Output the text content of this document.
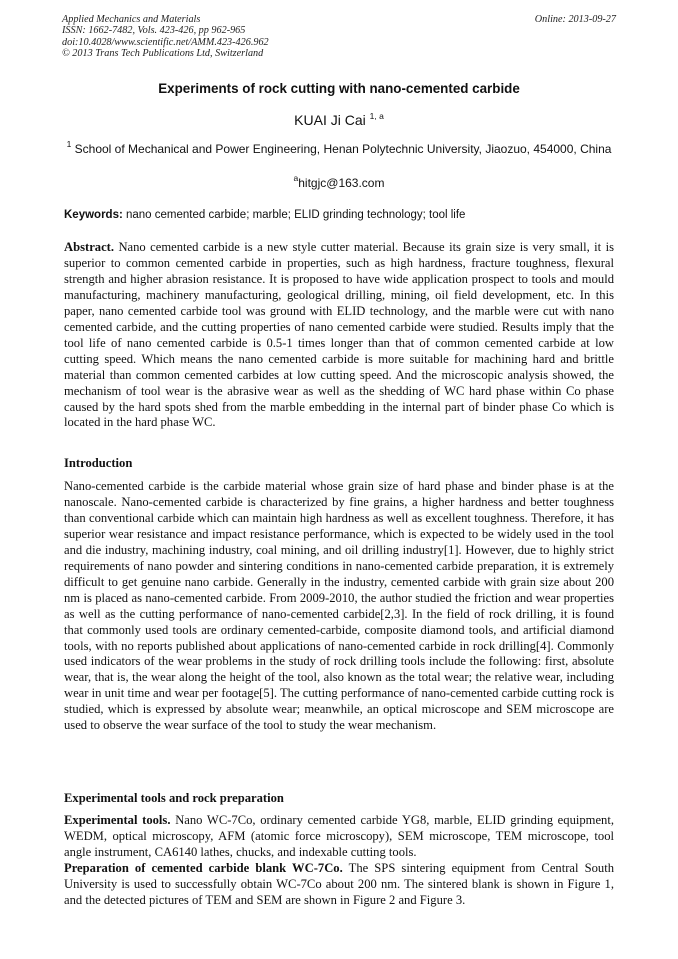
Applied Mechanics and Materials
ISSN: 1662-7482, Vols. 423-426, pp 962-965
doi:10.4028/www.scientific.net/AMM.423-426.962
© 2013 Trans Tech Publications Ltd, Switzerland
Online: 2013-09-27
Experiments of rock cutting with nano-cemented carbide
KUAI Ji Cai $^{1, a}$
$^1$ School of Mechanical and Power Engineering, Henan Polytechnic University, Jiaozuo, 454000, China
$^a$hitgjc@163.com
Keywords: nano cemented carbide; marble; ELID grinding technology; tool life
Abstract. Nano cemented carbide is a new style cutter material. Because its grain size is very small, it is superior to common cemented carbide in properties, such as high hardness, fracture toughness, flexural strength and higher abrasion resistance. It is proposed to have wide application prospect to tools and mould manufacturing, machinery manufacturing, geological drilling, mining, oil field development, etc. In this paper, nano cemented carbide tool was ground with ELID technology, and the marble were cut with nano cemented carbide, and the cutting properties of nano cemented carbide were studied. Results imply that the tool life of nano cemented carbide is 0.5-1 times longer than that of common cemented carbide at low cutting speed. Which means the nano cemented carbide is more suitable for machining hard and brittle material than common cemented carbides at low cutting speed. And the microscopic analysis showed, the mechanism of tool wear is the abrasive wear as well as the shedding of WC hard phase within Co phase caused by the hard spots shed from the marble embedding in the internal part of binder phase Co which is located in the hard phase WC.
Introduction
Nano-cemented carbide is the carbide material whose grain size of hard phase and binder phase is at the nanoscale. Nano-cemented carbide is characterized by fine grains, a higher hardness and better toughness than conventional carbide which can maintain high hardness as well as excellent toughness. Therefore, it has superior wear resistance and impact resistance performance, which is expected to be widely used in the tool and die industry, machining industry, coal mining, and oil drilling industry[1]. However, due to highly strict requirements of nano powder and sintering conditions in nano-cemented carbide preparation, it is extremely difficult to get genuine nano carbide. Generally in the industry, cemented carbide with grain size about 200 nm is placed as nano-cemented carbide. From 2009-2010, the author studied the friction and wear properties as well as the cutting performance of nano-cemented carbide[2,3]. In the field of rock drilling, it is found that commonly used tools are ordinary cemented-carbide, composite diamond tools, and artificial diamond tools, with no reports published about applications of nano-cemented carbide in rock drilling[4]. Commonly used indicators of the wear problems in the study of rock drilling tools include the following: first, absolute wear, that is, the wear along the height of the tool, also known as the total wear; the relative wear, including wear in unit time and wear per footage[5]. The cutting performance of nano-cemented carbide cutting rock is studied, which is expressed by absolute wear; meanwhile, an optical microscope and SEM microscope are used to observe the wear surface of the tool to study the wear mechanism.
Experimental tools and rock preparation
Experimental tools. Nano WC-7Co, ordinary cemented carbide YG8, marble, ELID grinding equipment, WEDM, optical microscopy, AFM (atomic force microscopy), SEM microscope, TEM microscope, tool angle instrument, CA6140 lathes, chucks, and indexable cutting tools.
Preparation of cemented carbide blank WC-7Co. The SPS sintering equipment from Central South University is used to successfully obtain WC-7Co about 200 nm. The sintered blank is shown in Figure 1, and the detected pictures of TEM and SEM are shown in Figure 2 and Figure 3.
